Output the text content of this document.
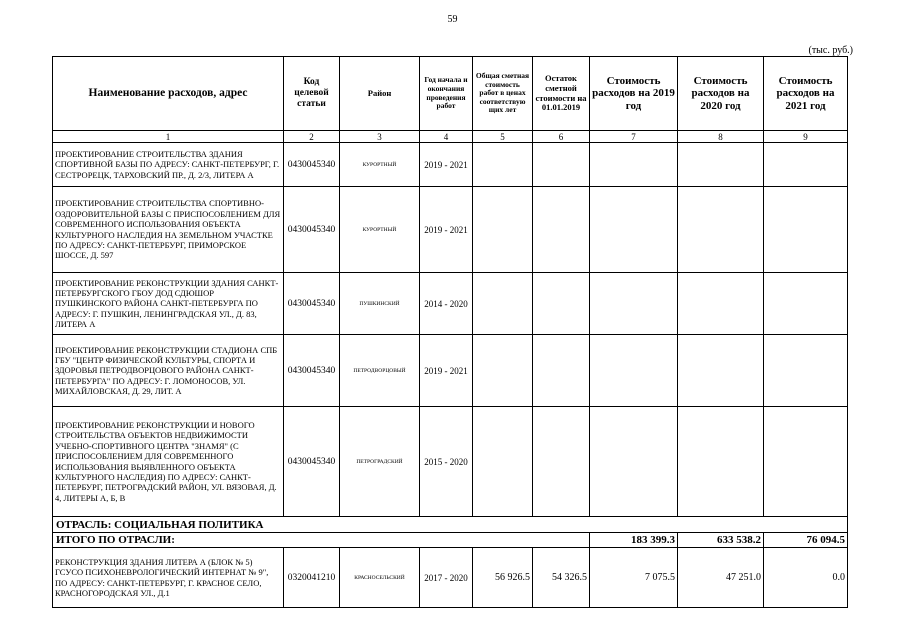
59
(тыс. руб.)
Наименование расходов, адрес	Код целевой статьи	Район	Год начала и окончания проведения работ	Общая сметная стоимость работ в ценах соответствую щих лет	Остаток сметной стоимости на 01.01.2019	Стоимость расходов на 2019 год	Стоимость расходов на 2020 год	Стоимость расходов на 2021 год
1	2	3	4	5	6	7	8	9
ПРОЕКТИРОВАНИЕ СТРОИТЕЛЬСТВА ЗДАНИЯ СПОРТИВНОЙ БАЗЫ ПО АДРЕСУ: САНКТ-ПЕТЕРБУРГ, Г. СЕСТРОРЕЦК, ТАРХОВСКИЙ ПР., Д. 2/3, ЛИТЕРА А	0430045340	КУРОРТНЫЙ	2019 - 2021					
ПРОЕКТИРОВАНИЕ СТРОИТЕЛЬСТВА СПОРТИВНО-ОЗДОРОВИТЕЛЬНОЙ БАЗЫ С ПРИСПОСОБЛЕНИЕМ ДЛЯ СОВРЕМЕННОГО ИСПОЛЬЗОВАНИЯ ОБЪЕКТА КУЛЬТУРНОГО НАСЛЕДИЯ НА ЗЕМЕЛЬНОМ УЧАСТКЕ ПО АДРЕСУ: САНКТ-ПЕТЕРБУРГ, ПРИМОРСКОЕ ШОССЕ, Д. 597	0430045340	КУРОРТНЫЙ	2019 - 2021					
ПРОЕКТИРОВАНИЕ РЕКОНСТРУКЦИИ ЗДАНИЯ САНКТ-ПЕТЕРБУРГСКОГО ГБОУ ДОД СДЮШОР ПУШКИНСКОГО РАЙОНА САНКТ-ПЕТЕРБУРГА ПО АДРЕСУ: Г. ПУШКИН, ЛЕНИНГРАДСКАЯ УЛ., Д. 83, ЛИТЕРА А	0430045340	ПУШКИНСКИЙ	2014 - 2020					
ПРОЕКТИРОВАНИЕ РЕКОНСТРУКЦИИ СТАДИОНА СПБ ГБУ "ЦЕНТР ФИЗИЧЕСКОЙ КУЛЬТУРЫ, СПОРТА И ЗДОРОВЬЯ ПЕТРОДВОРЦОВОГО РАЙОНА САНКТ-ПЕТЕРБУРГА" ПО АДРЕСУ: Г. ЛОМОНОСОВ, УЛ. МИХАЙЛОВСКАЯ, Д. 29, ЛИТ. А	0430045340	ПЕТРОДВОРЦОВЫЙ	2019 - 2021					
ПРОЕКТИРОВАНИЕ РЕКОНСТРУКЦИИ И НОВОГО СТРОИТЕЛЬСТВА ОБЪЕКТОВ НЕДВИЖИМОСТИ УЧЕБНО-СПОРТИВНОГО ЦЕНТРА "ЗНАМЯ" (С ПРИСПОСОБЛЕНИЕМ ДЛЯ СОВРЕМЕННОГО ИСПОЛЬЗОВАНИЯ ВЫЯВЛЕННОГО ОБЪЕКТА КУЛЬТУРНОГО НАСЛЕДИЯ) ПО АДРЕСУ: САНКТ-ПЕТЕРБУРГ, ПЕТРОГРАДСКИЙ РАЙОН, УЛ. ВЯЗОВАЯ, Д. 4, ЛИТЕРЫ А, Б, В	0430045340	ПЕТРОГРАДСКИЙ	2015 - 2020					
ОТРАСЛЬ: СОЦИАЛЬНАЯ ПОЛИТИКА								
ИТОГО ПО ОТРАСЛИ:						183 399.3	633 538.2	76 094.5
РЕКОНСТРУКЦИЯ ЗДАНИЯ ЛИТЕРА А (БЛОК № 5) ГСУСО ПСИХОНЕВРОЛОГИЧЕСКИЙ ИНТЕРНАТ № 9", ПО АДРЕСУ: САНКТ-ПЕТЕРБУРГ, Г. КРАСНОЕ СЕЛО, КРАСНОГОРОДСКАЯ УЛ., Д.1	0320041210	КРАСНОСЕЛЬСКИЙ	2017 - 2020	56 926.5	54 326.5	7 075.5	47 251.0	0.0
